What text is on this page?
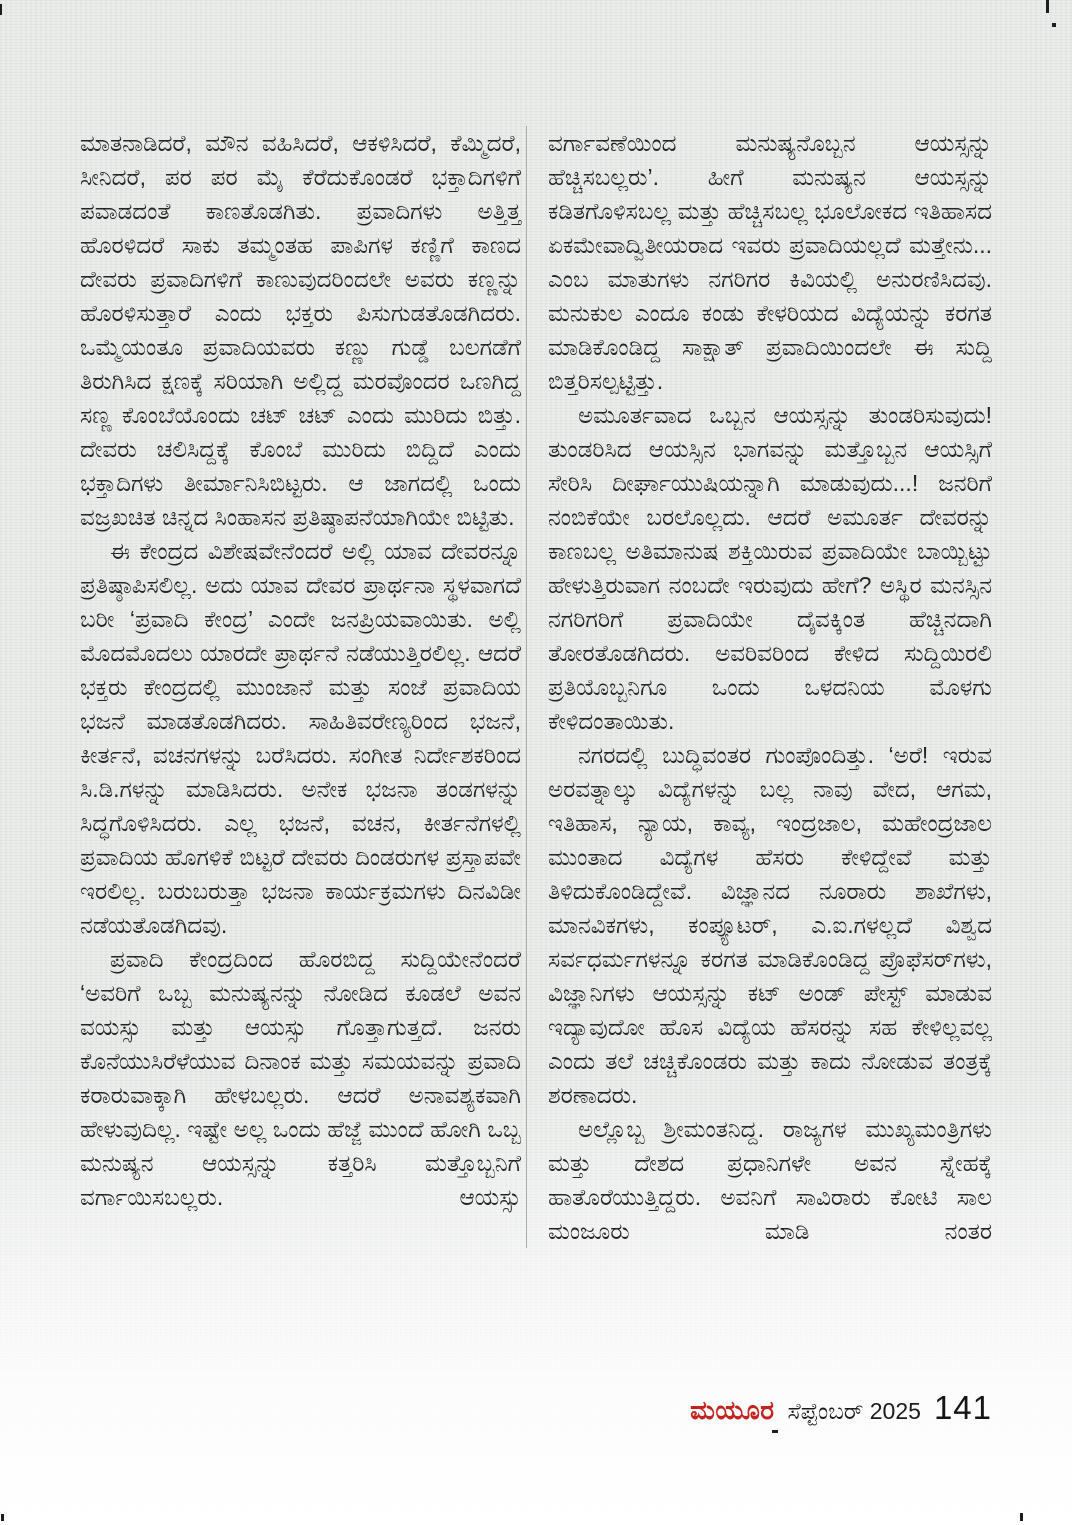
ಮಾತನಾಡಿದರೆ, ಮೌನ ವಹಿಸಿದರೆ, ಆಕಳಿಸಿದರೆ, ಕೆಮ್ಮಿದರೆ, ಸೀನಿದರೆ, ಪರ ಪರ ಮೈ ಕೆರೆದುಕೊಂಡರೆ ಭಕ್ತಾದಿಗಳಿಗೆ ಪವಾಡದಂತೆ ಕಾಣತೊಡಗಿತು. ಪ್ರವಾದಿಗಳು ಅತ್ತಿತ್ತ ಹೊರಳಿದರೆ ಸಾಕು ತಮ್ಮಂತಹ ಪಾಪಿಗಳ ಕಣ್ಣಿಗೆ ಕಾಣದ ದೇವರು ಪ್ರವಾದಿಗಳಿಗೆ ಕಾಣುವುದರಿಂದಲೇ ಅವರು ಕಣ್ಣನ್ನು ಹೊರಳಿಸುತ್ತಾರೆ ಎಂದು ಭಕ್ತರು ಪಿಸುಗುಡತೊಡಗಿದರು. ಒಮ್ಮೆಯಂತೂ ಪ್ರವಾದಿಯವರು ಕಣ್ಣು ಗುಡ್ಡೆ ಬಲಗಡೆಗೆ ತಿರುಗಿಸಿದ ಕ್ಷಣಕ್ಕೆ ಸರಿಯಾಗಿ ಅಲ್ಲಿದ್ದ ಮರವೊಂದರ ಒಣಗಿದ್ದ ಸಣ್ಣ ಕೊಂಬೆಯೊಂದು ಚಟ್ ಚಟ್ ಎಂದು ಮುರಿದು ಬಿತ್ತು. ದೇವರು ಚಲಿಸಿದ್ದಕ್ಕೆ ಕೊಂಬೆ ಮುರಿದು ಬಿದ್ದಿದೆ ಎಂದು ಭಕ್ತಾದಿಗಳು ತೀರ್ಮಾನಿಸಿಬಿಟ್ಟರು. ಆ ಜಾಗದಲ್ಲಿ ಒಂದು ವಜ್ರಖಚಿತ ಚಿನ್ನದ ಸಿಂಹಾಸನ ಪ್ರತಿಷ್ಠಾಪನೆಯಾಗಿಯೇ ಬಿಟ್ಟಿತು.

ಈ ಕೇಂದ್ರದ ವಿಶೇಷವೇನೆಂದರೆ ಅಲ್ಲಿ ಯಾವ ದೇವರನ್ನೂ ಪ್ರತಿಷ್ಠಾಪಿಸಲಿಲ್ಲ. ಅದು ಯಾವ ದೇವರ ಪ್ರಾರ್ಥನಾ ಸ್ಥಳವಾಗದೆ ಬರೀ ‘ಪ್ರವಾದಿ ಕೇಂದ್ರ’ ಎಂದೇ ಜನಪ್ರಿಯವಾಯಿತು. ಅಲ್ಲಿ ಮೊದಮೊದಲು ಯಾರದೇ ಪ್ರಾರ್ಥನೆ ನಡೆಯುತ್ತಿರಲಿಲ್ಲ. ಆದರೆ ಭಕ್ತರು ಕೇಂದ್ರದಲ್ಲಿ ಮುಂಜಾನೆ ಮತ್ತು ಸಂಜೆ ಪ್ರವಾದಿಯ ಭಜನೆ ಮಾಡತೊಡಗಿದರು. ಸಾಹಿತಿವರೇಣ್ಯರಿಂದ ಭಜನೆ, ಕೀರ್ತನೆ, ವಚನಗಳನ್ನು ಬರೆಸಿದರು. ಸಂಗೀತ ನಿರ್ದೇಶಕರಿಂದ ಸಿ.ಡಿ.ಗಳನ್ನು ಮಾಡಿಸಿದರು. ಅನೇಕ ಭಜನಾ ತಂಡಗಳನ್ನು ಸಿದ್ಧಗೊಳಿಸಿದರು. ಎಲ್ಲ ಭಜನೆ, ವಚನ, ಕೀರ್ತನೆಗಳಲ್ಲಿ ಪ್ರವಾದಿಯ ಹೊಗಳಿಕೆ ಬಿಟ್ಟರೆ ದೇವರು ದಿಂಡರುಗಳ ಪ್ರಸ್ತಾಪವೇ ಇರಲಿಲ್ಲ. ಬರುಬರುತ್ತಾ ಭಜನಾ ಕಾರ್ಯಕ್ರಮಗಳು ದಿನವಿಡೀ ನಡೆಯತೊಡಗಿದವು.

ಪ್ರವಾದಿ ಕೇಂದ್ರದಿಂದ ಹೊರಬಿದ್ದ ಸುದ್ದಿಯೇನೆಂದರೆ ‘ಅವರಿಗೆ ಒಬ್ಬ ಮನುಷ್ಯನನ್ನು ನೋಡಿದ ಕೂಡಲೆ ಅವನ ವಯಸ್ಸು ಮತ್ತು ಆಯಸ್ಸು ಗೊತ್ತಾಗುತ್ತದೆ. ಜನರು ಕೊನೆಯುಸಿರೆಳೆಯುವ ದಿನಾಂಕ ಮತ್ತು ಸಮಯವನ್ನು ಪ್ರವಾದಿ ಕರಾರುವಾಕ್ಕಾಗಿ ಹೇಳಬಲ್ಲರು. ಆದರೆ ಅನಾವಶ್ಯಕವಾಗಿ ಹೇಳುವುದಿಲ್ಲ. ಇಷ್ಟೇ ಅಲ್ಲ ಒಂದು ಹೆಜ್ಜೆ ಮುಂದೆ ಹೋಗಿ ಒಬ್ಬ ಮನುಷ್ಯನ ಆಯಸ್ಸನ್ನು ಕತ್ತರಿಸಿ ಮತ್ತೊಬ್ಬನಿಗೆ ವರ್ಗಾಯಿಸಬಲ್ಲರು. ಆಯಸ್ಸು

ವರ್ಗಾವಣೆಯಿಂದ ಮನುಷ್ಯನೊಬ್ಬನ ಆಯಸ್ಸನ್ನು ಹೆಚ್ಚಿಸಬಲ್ಲರು’. ಹೀಗೆ ಮನುಷ್ಯನ ಆಯಸ್ಸನ್ನು ಕಡಿತಗೊಳಿಸಬಲ್ಲ ಮತ್ತು ಹೆಚ್ಚಿಸಬಲ್ಲ ಭೂಲೋಕದ ಇತಿಹಾಸದ ಏಕಮೇವಾದ್ವಿತೀಯರಾದ ಇವರು ಪ್ರವಾದಿಯಲ್ಲದೆ ಮತ್ತೇನು... ಎಂಬ ಮಾತುಗಳು ನಗರಿಗರ ಕಿವಿಯಲ್ಲಿ ಅನುರಣಿಸಿದವು. ಮನುಕುಲ ಎಂದೂ ಕಂಡು ಕೇಳರಿಯದ ವಿದ್ಯೆಯನ್ನು ಕರಗತ ಮಾಡಿಕೊಂಡಿದ್ದ ಸಾಕ್ಷಾತ್ ಪ್ರವಾದಿಯಿಂದಲೇ ಈ ಸುದ್ದಿ ಬಿತ್ತರಿಸಲ್ಪಟ್ಟಿತ್ತು.

ಅಮೂರ್ತವಾದ ಒಬ್ಬನ ಆಯಸ್ಸನ್ನು ತುಂಡರಿಸುವುದು! ತುಂಡರಿಸಿದ ಆಯಸ್ಸಿನ ಭಾಗವನ್ನು ಮತ್ತೊಬ್ಬನ ಆಯಸ್ಸಿಗೆ ಸೇರಿಸಿ ದೀರ್ಘಾಯುಷಿಯನ್ನಾಗಿ ಮಾಡುವುದು...! ಜನರಿಗೆ ನಂಬಿಕೆಯೇ ಬರಲೊಲ್ಲದು. ಆದರೆ ಅಮೂರ್ತ ದೇವರನ್ನು ಕಾಣಬಲ್ಲ ಅತಿಮಾನುಷ ಶಕ್ತಿಯಿರುವ ಪ್ರವಾದಿಯೇ ಬಾಯ್ಬಿಟ್ಟು ಹೇಳುತ್ತಿರುವಾಗ ನಂಬದೇ ಇರುವುದು ಹೇಗೆ? ಅಸ್ಥಿರ ಮನಸ್ಸಿನ ನಗರಿಗರಿಗೆ ಪ್ರವಾದಿಯೇ ದೈವಕ್ಕಿಂತ ಹೆಚ್ಚಿನದಾಗಿ ತೋರತೊಡಗಿದರು. ಅವರಿವರಿಂದ ಕೇಳಿದ ಸುದ್ದಿಯಿರಲಿ ಪ್ರತಿಯೊಬ್ಬನಿಗೂ ಒಂದು ಒಳದನಿಯ ಮೊಳಗು ಕೇಳಿದಂತಾಯಿತು.

ನಗರದಲ್ಲಿ ಬುದ್ಧಿವಂತರ ಗುಂಪೊಂದಿತ್ತು. ‘ಅರೆ! ಇರುವ ಅರವತ್ನಾಲ್ಕು ವಿದ್ಯೆಗಳನ್ನು ಬಲ್ಲ ನಾವು ವೇದ, ಆಗಮ, ಇತಿಹಾಸ, ನ್ಯಾಯ, ಕಾವ್ಯ, ಇಂದ್ರಜಾಲ, ಮಹೇಂದ್ರಜಾಲ ಮುಂತಾದ ವಿದ್ಯೆಗಳ ಹೆಸರು ಕೇಳಿದ್ದೇವೆ ಮತ್ತು ತಿಳಿದುಕೊಂಡಿದ್ದೇವೆ. ವಿಜ್ಞಾನದ ನೂರಾರು ಶಾಖೆಗಳು, ಮಾನವಿಕಗಳು, ಕಂಪ್ಯೂಟರ್, ಎ.ಐ.ಗಳಲ್ಲದೆ ವಿಶ್ವದ ಸರ್ವಧರ್ಮಗಳನ್ನೂ ಕರಗತ ಮಾಡಿಕೊಂಡಿದ್ದ ಪ್ರೊಫೆಸರ್‌ಗಳು, ವಿಜ್ಞಾನಿಗಳು ಆಯಸ್ಸನ್ನು ಕಟ್ ಅಂಡ್ ಪೇಸ್ಟ್ ಮಾಡುವ ಇದ್ಯಾವುದೋ ಹೊಸ ವಿದ್ಯೆಯ ಹೆಸರನ್ನು ಸಹ ಕೇಳಿಲ್ಲವಲ್ಲ ಎಂದು ತಲೆ ಚಚ್ಚಿಕೊಂಡರು ಮತ್ತು ಕಾದು ನೋಡುವ ತಂತ್ರಕ್ಕೆ ಶರಣಾದರು.

ಅಲ್ಲೊಬ್ಬ ಶ್ರೀಮಂತನಿದ್ದ. ರಾಜ್ಯಗಳ ಮುಖ್ಯಮಂತ್ರಿಗಳು ಮತ್ತು ದೇಶದ ಪ್ರಧಾನಿಗಳೇ ಅವನ ಸ್ನೇಹಕ್ಕೆ ಹಾತೊರೆಯುತ್ತಿದ್ದರು. ಅವನಿಗೆ ಸಾವಿರಾರು ಕೋಟಿ ಸಾಲ ಮಂಜೂರು ಮಾಡಿ ನಂತರ

ಮಯೂರ ಸೆಪ್ಟೆಂಬರ್ 2025 141
